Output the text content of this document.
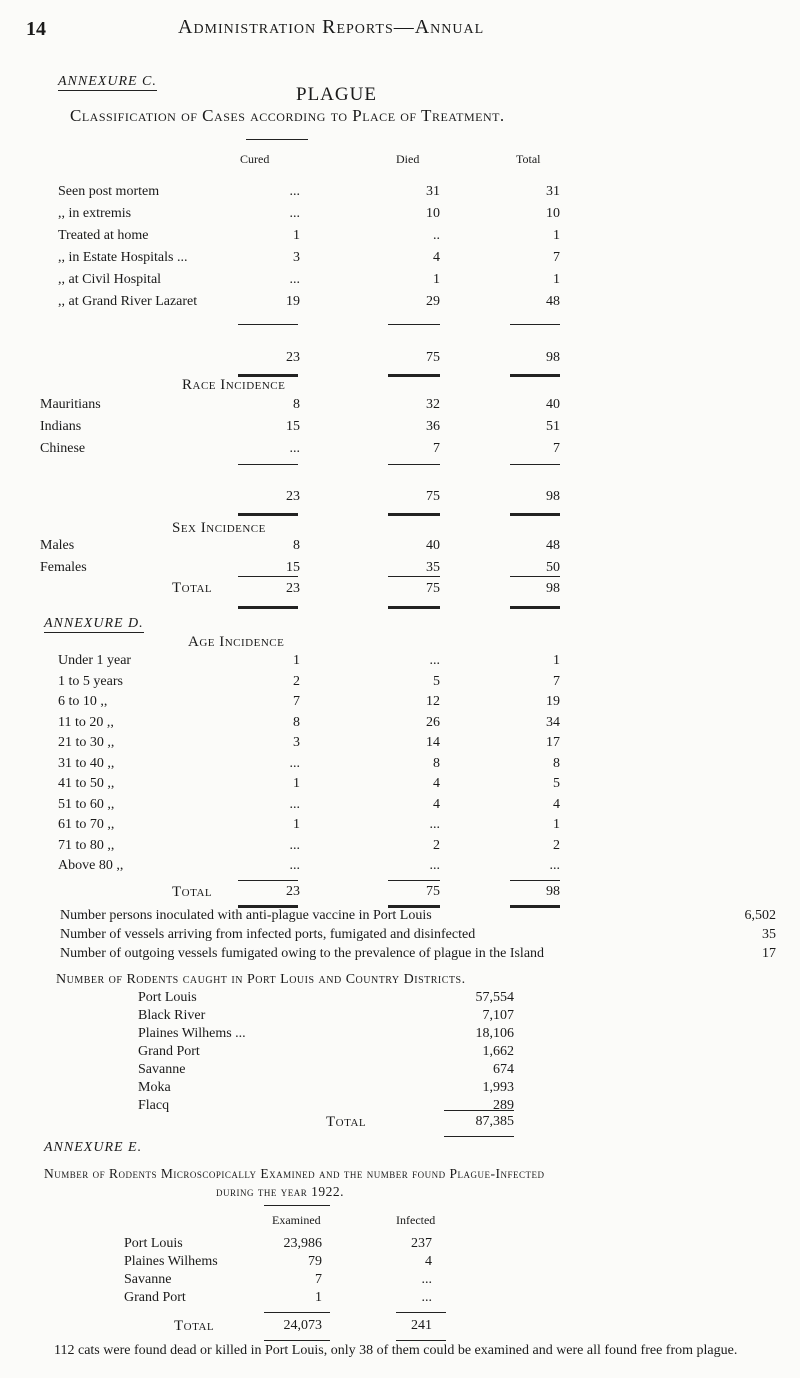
14	Administration Reports—Annual
ANNEXURE C.
PLAGUE
Classification of Cases according to Place of Treatment.
Cured	Died	Total
Seen post mortem	...	31	31
,, in extremis	...	10	10
Treated at home	1	..	1
,, in Estate Hospitals ...	3	4	7
,, at Civil Hospital	...	1	1
,, at Grand River Lazaret	19	29	48
23	75	98
Race Incidence
Mauritians	8	32	40
Indians	15	36	51
Chinese	...	7	7
23	75	98
Sex Incidence
Males	8	40	48
Females	15	35	50
Total	23	75	98
ANNEXURE D.
Age Incidence
Under 1 year	1	...	1
1 to 5 years	2	5	7
6 to 10 ,,	7	12	19
11 to 20 ,,	8	26	34
21 to 30 ,,	3	14	17
31 to 40 ,,	...	8	8
41 to 50 ,,	1	4	5
51 to 60 ,,	...	4	4
61 to 70 ,,	1	...	1
71 to 80 ,,	...	2	2
Above 80 ,,	...	...	...
Total	23	75	98
Number persons inoculated with anti-plague vaccine in Port Louis	6,502
Number of vessels arriving from infected ports, fumigated and disinfected	35
Number of outgoing vessels fumigated owing to the prevalence of plague in the Island	17
Number of Rodents caught in Port Louis and Country Districts.
Port Louis	57,554
Black River	7,107
Plaines Wilhems ...	18,106
Grand Port	1,662
Savanne	674
Moka	1,993
Flacq	289
Total	87,385
ANNEXURE E.
Number of Rodents Microscopically Examined and the number found Plague-Infected
during the year 1922.
Examined	Infected
Port Louis	23,986	237
Plaines Wilhems	79	4
Savanne	7	...
Grand Port	1	...
Total	24,073	241
112 cats were found dead or killed in Port Louis, only 38 of them could be examined and were all found free from plague.
